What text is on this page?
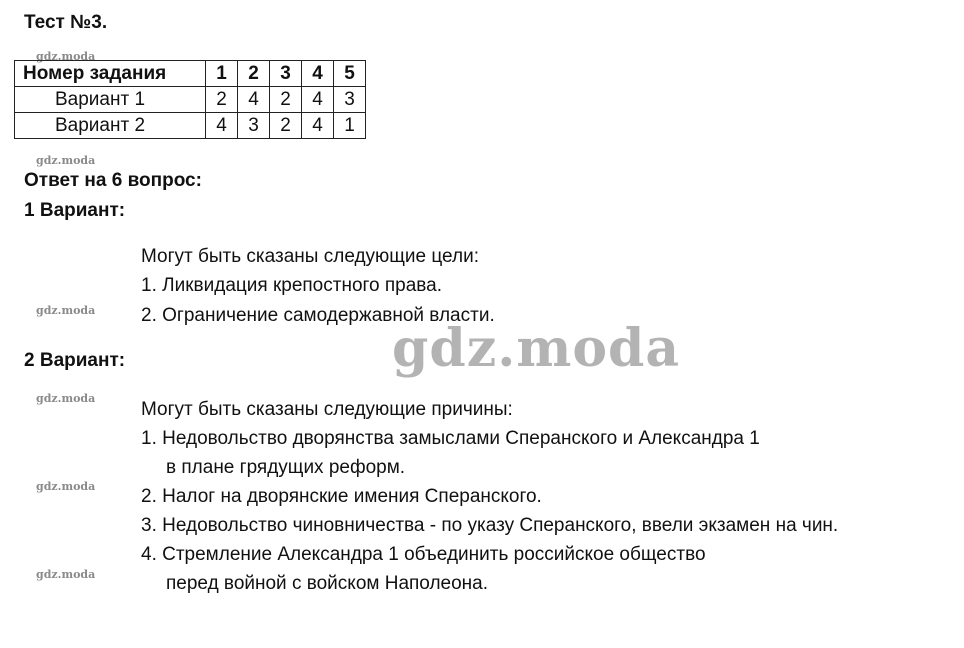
Тест №3.
gdz.moda
Номер задания	1	2	3	4	5
Вариант 1	2	4	2	4	3
Вариант 2	4	3	2	4	1
gdz.moda
Ответ на 6 вопрос:
1 Вариант:
Могут быть сказаны следующие цели:
1. Ликвидация крепостного права.
gdz.moda 2. Ограничение самодержавной власти.
gdz.moda
2 Вариант:
gdz.moda
Могут быть сказаны следующие причины:
1. Недовольство дворянства замыслами Сперанского и Александра 1
в плане грядущих реформ.
gdz.moda 2. Налог на дворянские имения Сперанского.
3. Недовольство чиновничества - по указу Сперанского, ввели экзамен на чин.
4. Стремление Александра 1 объединить российское общество
gdz.moda	перед войной с войском Наполеона.
